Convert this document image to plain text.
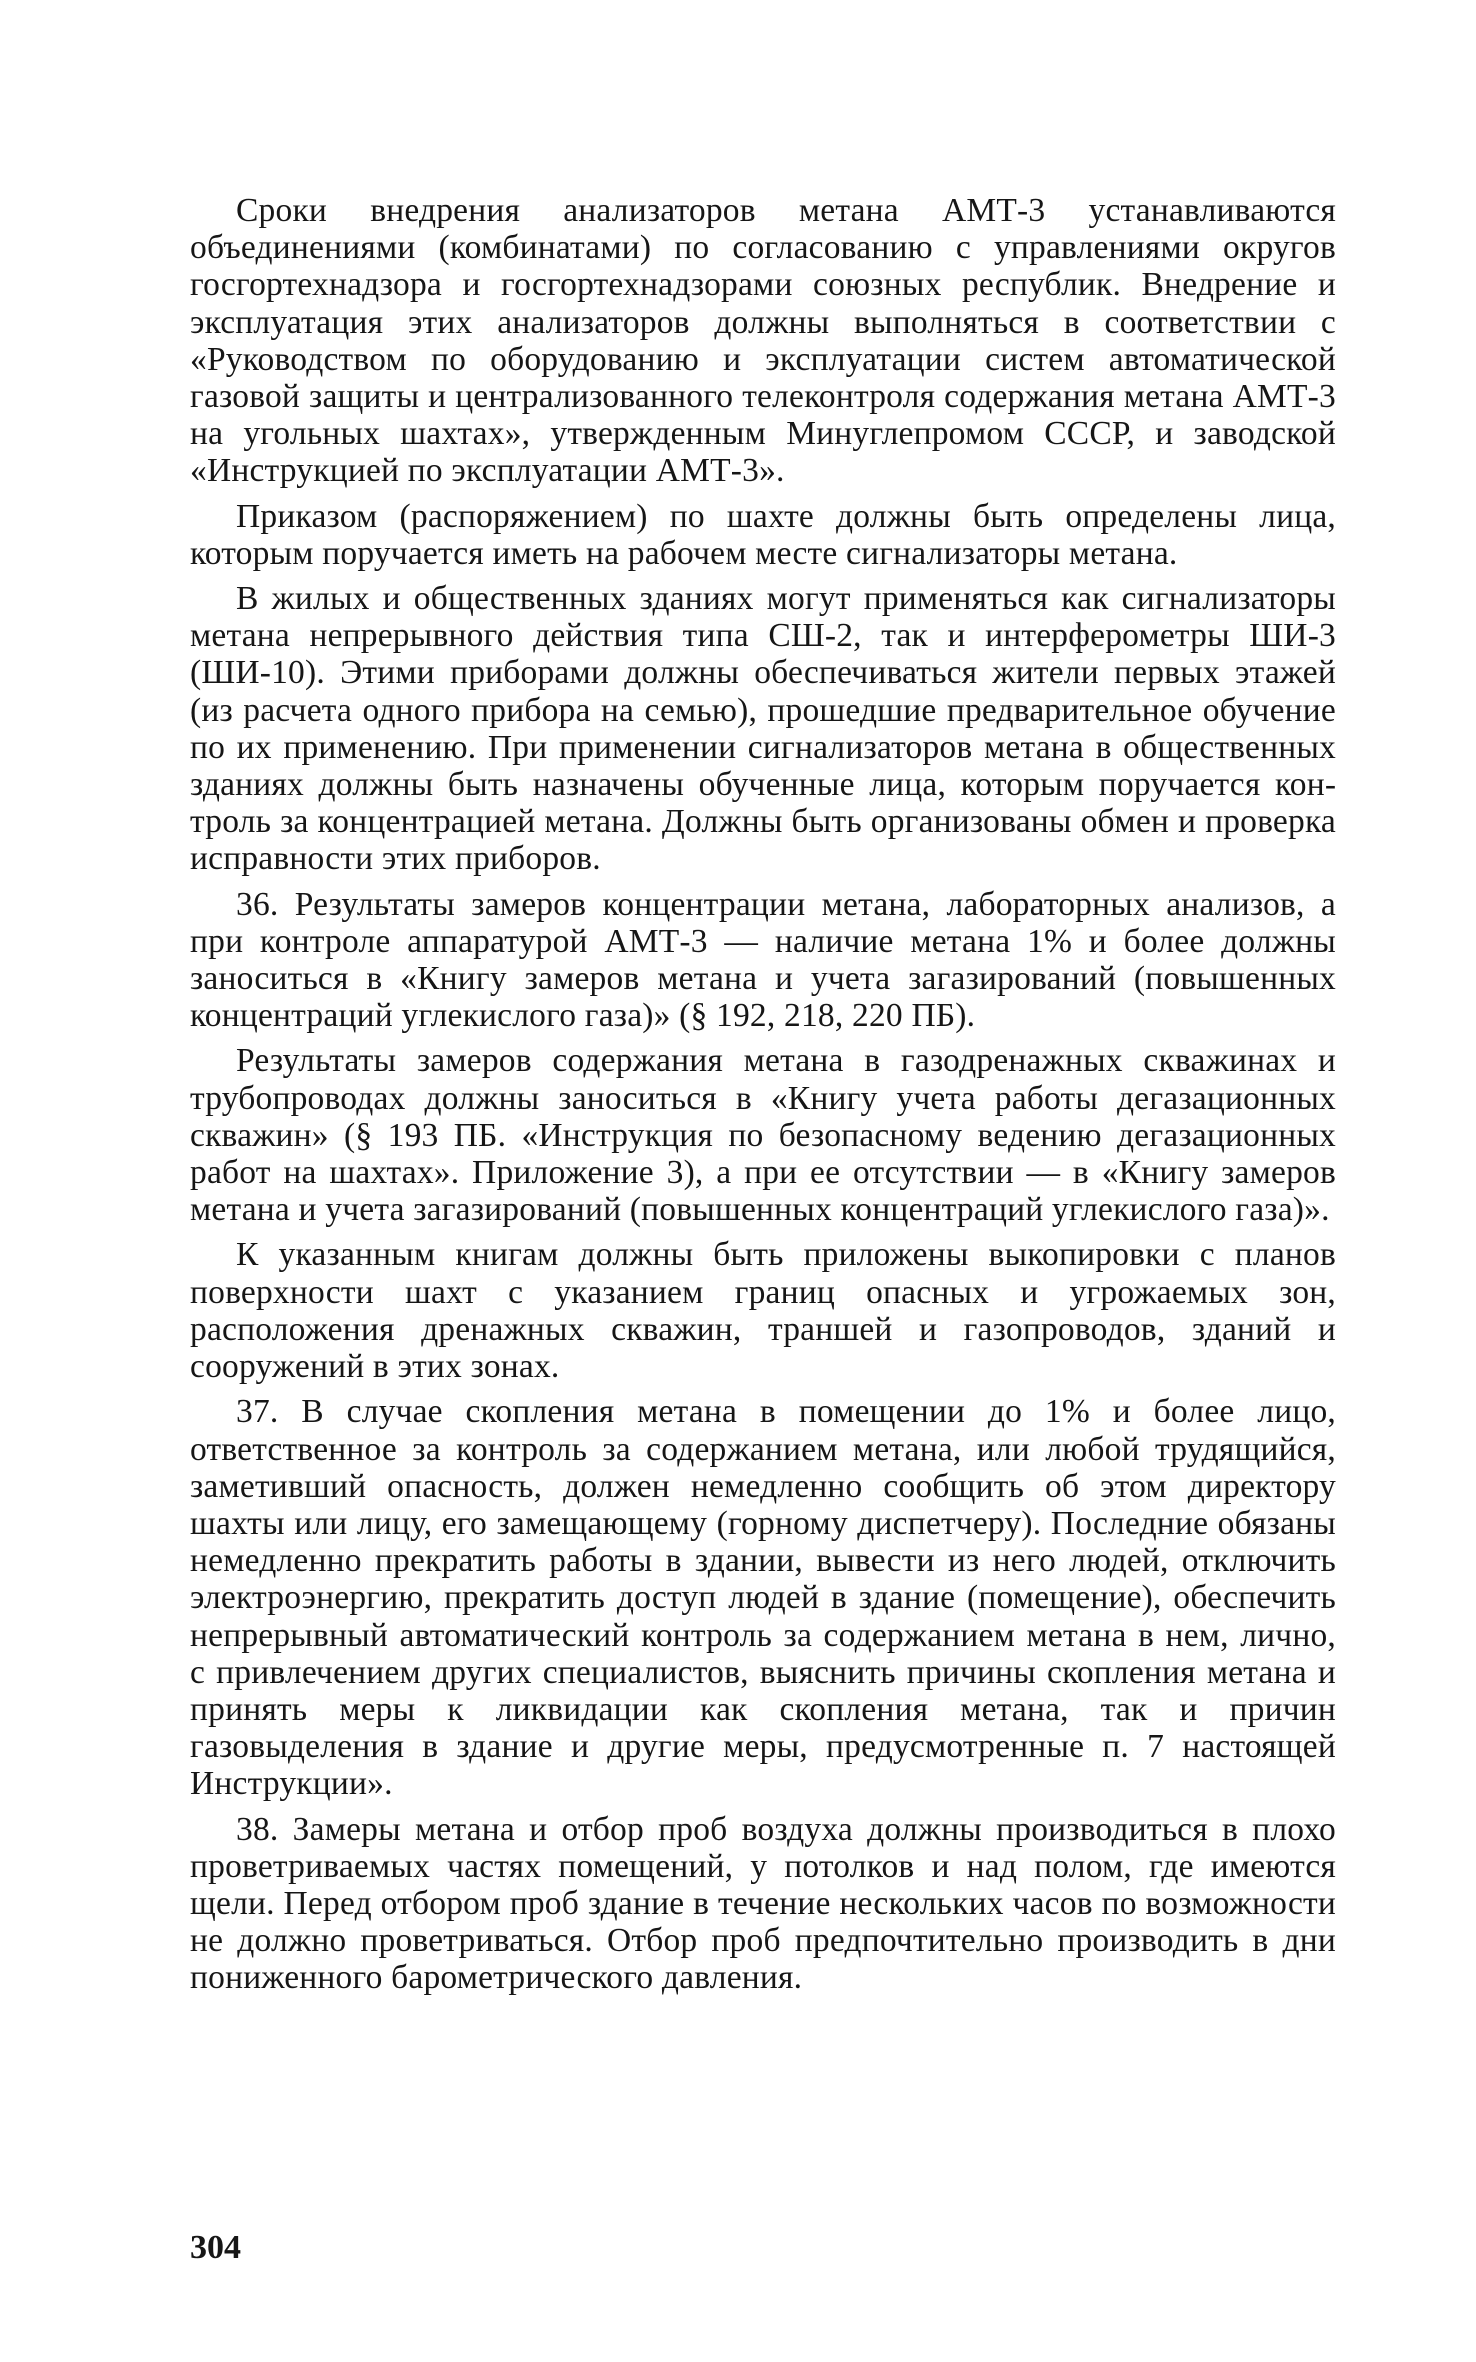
Сроки внедрения анализаторов метана АМТ-3 устанавливаются объединениями (комбинатами) по согласованию с управлениями округов госгортехнадзора и госгортехнадзорами союзных республик. Внедрение и эксплуатация этих анализаторов должны выполняться в соответствии с «Руководством по оборудованию и эксплуатации систем автоматической газовой защиты и централизованного телеконтроля содержания метана АМТ-3 на угольных шахтах», утвержденным Минуглепромом СССР, и заводской «Инструкцией по эксплуатации АМТ-3».

Приказом (распоряжением) по шахте должны быть определены лица, которым поручается иметь на рабочем месте сигнализаторы метана.

В жилых и общественных зданиях могут применяться как сигнализаторы метана непрерывного действия типа СШ-2, так и интерферометры ШИ-3 (ШИ-10). Этими приборами должны обеспечиваться жители первых этажей (из расчета одного прибора на семью), прошедшие предварительное обучение по их применению. При применении сигнализаторов метана в общественных зданиях должны быть назначены обученные лица, которым поручается контроль за концентрацией метана. Должны быть организованы обмен и проверка исправности этих приборов.

36. Результаты замеров концентрации метана, лабораторных анализов, а при контроле аппаратурой АМТ-3 — наличие метана 1% и более должны заноситься в «Книгу замеров метана и учета загазирований (повышенных концентраций углекислого газа)» (§ 192, 218, 220 ПБ).

Результаты замеров содержания метана в газодренажных скважинах и трубопроводах должны заноситься в «Книгу учета работы дегазационных скважин» (§ 193 ПБ. «Инструкция по безопасному ведению дегазационных работ на шахтах». Приложение 3), а при ее отсутствии — в «Книгу замеров метана и учета загазирований (повышенных концентраций углекислого газа)».

К указанным книгам должны быть приложены выкопировки с планов поверхности шахт с указанием границ опасных и угрожаемых зон, расположения дренажных скважин, траншей и газопроводов, зданий и сооружений в этих зонах.

37. В случае скопления метана в помещении до 1% и более лицо, ответственное за контроль за содержанием метана, или любой трудящийся, заметивший опасность, должен немедленно сообщить об этом директору шахты или лицу, его замещающему (горному диспетчеру). Последние обязаны немедленно прекратить работы в здании, вывести из него людей, отключить электроэнергию, прекратить доступ людей в здание (помещение), обеспечить непрерывный автоматический контроль за содержанием метана в нем, лично, с привлечением других специалистов, выяснить причины скопления метана и принять меры к ликвидации как скопления метана, так и причин газовыделения в здание и другие меры, предусмотренные п. 7 настоящей Инструкции».

38. Замеры метана и отбор проб воздуха должны производиться в плохо проветриваемых частях помещений, у потолков и над полом, где имеются щели. Перед отбором проб здание в течение нескольких часов по возможности не должно проветриваться. Отбор проб предпочтительно производить в дни пониженного барометрического давления.

304
